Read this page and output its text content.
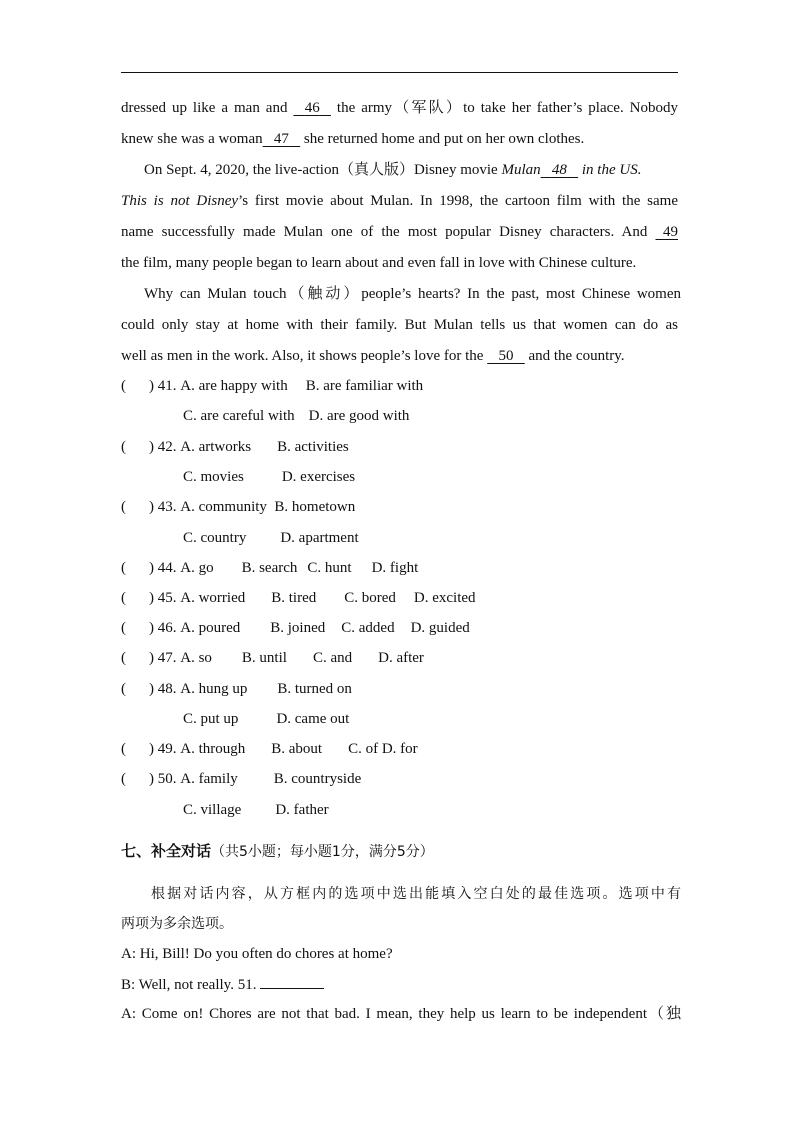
dressed up like a man and 46 the army（军队）to take her father’s place. Nobody
knew she was a woman 47 she returned home and put on her own clothes.
On Sept. 4, 2020, the live-action（真人版）Disney movie Mulan 48 in the US.
This is not Disney’s first movie about Mulan. In 1998, the cartoon film with the same
name successfully made Mulan one of the most popular Disney characters. And 49
the film, many people began to learn about and even fall in love with Chinese culture.
Why can Mulan touch（触动）people’s hearts? In the past, most Chinese women
could only stay at home with their family. But Mulan tells us that women can do as
well as men in the work. Also, it shows people’s love for the 50 and the country.
( ) 41. A. are happy with B. are familiar with
C. are careful with D. are good with
( ) 42. A. artworks B. activities
C. movies	D. exercises
( ) 43. A. community B. hometown
C. country D. apartment
( ) 44. A. go B. search C. hunt D. fight
( ) 45. A. worried B. tired C. bored D. excited
( ) 46. A. poured B. joined C. added D. guided
( ) 47. A. so B. until C. and D. after
( ) 48. A. hung up B. turned on
C. put up	D. came out
( ) 49. A. through B. about C. of D. for
( ) 50. A. family B. countryside
C. village D. father
七、补全对话（共5小题；每小题1分，满分5分）
根据对话内容，从方框内的选项中选出能填入空白处的最佳选项。选项中有
两项为多余选项。
A: Hi, Bill! Do you often do chores at home?
B: Well, not really. 51.
A: Come on! Chores are not that bad. I mean, they help us learn to be independent（独
